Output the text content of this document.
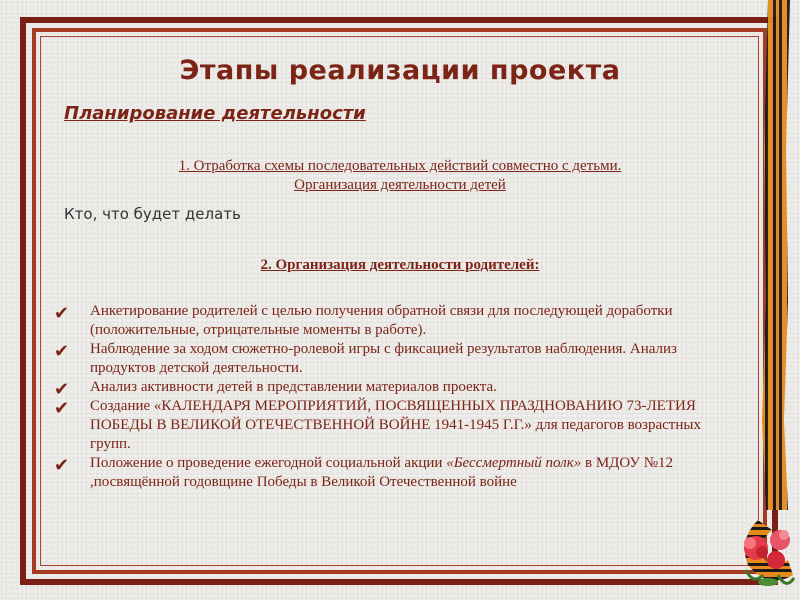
Этапы реализации проекта
Планирование деятельности
1. Отработка схемы последовательных действий совместно с детьми.
Организация деятельности детей
Кто, что будет делать
2. Организация деятельности родителей:
✔ Анкетирование родителей с целью получения обратной связи для последующей доработки (положительные, отрицательные моменты в работе).
✔ Наблюдение за ходом сюжетно-ролевой игры с фиксацией результатов наблюдения. Анализ продуктов детской деятельности.
✔ Анализ активности детей в представлении материалов проекта.
✔ Создание «КАЛЕНДАРЯ МЕРОПРИЯТИЙ, ПОСВЯЩЕННЫХ ПРАЗДНОВАНИЮ 73-ЛЕТИЯ ПОБЕДЫ В ВЕЛИКОЙ ОТЕЧЕСТВЕННОЙ ВОЙНЕ 1941-1945 Г.Г.» для педагогов возрастных групп.
✔ Положение о проведение ежегодной социальной акции «Бессмертный полк» в МДОУ №12 ,посвящённой годовщине Победы в Великой Отечественной войне
